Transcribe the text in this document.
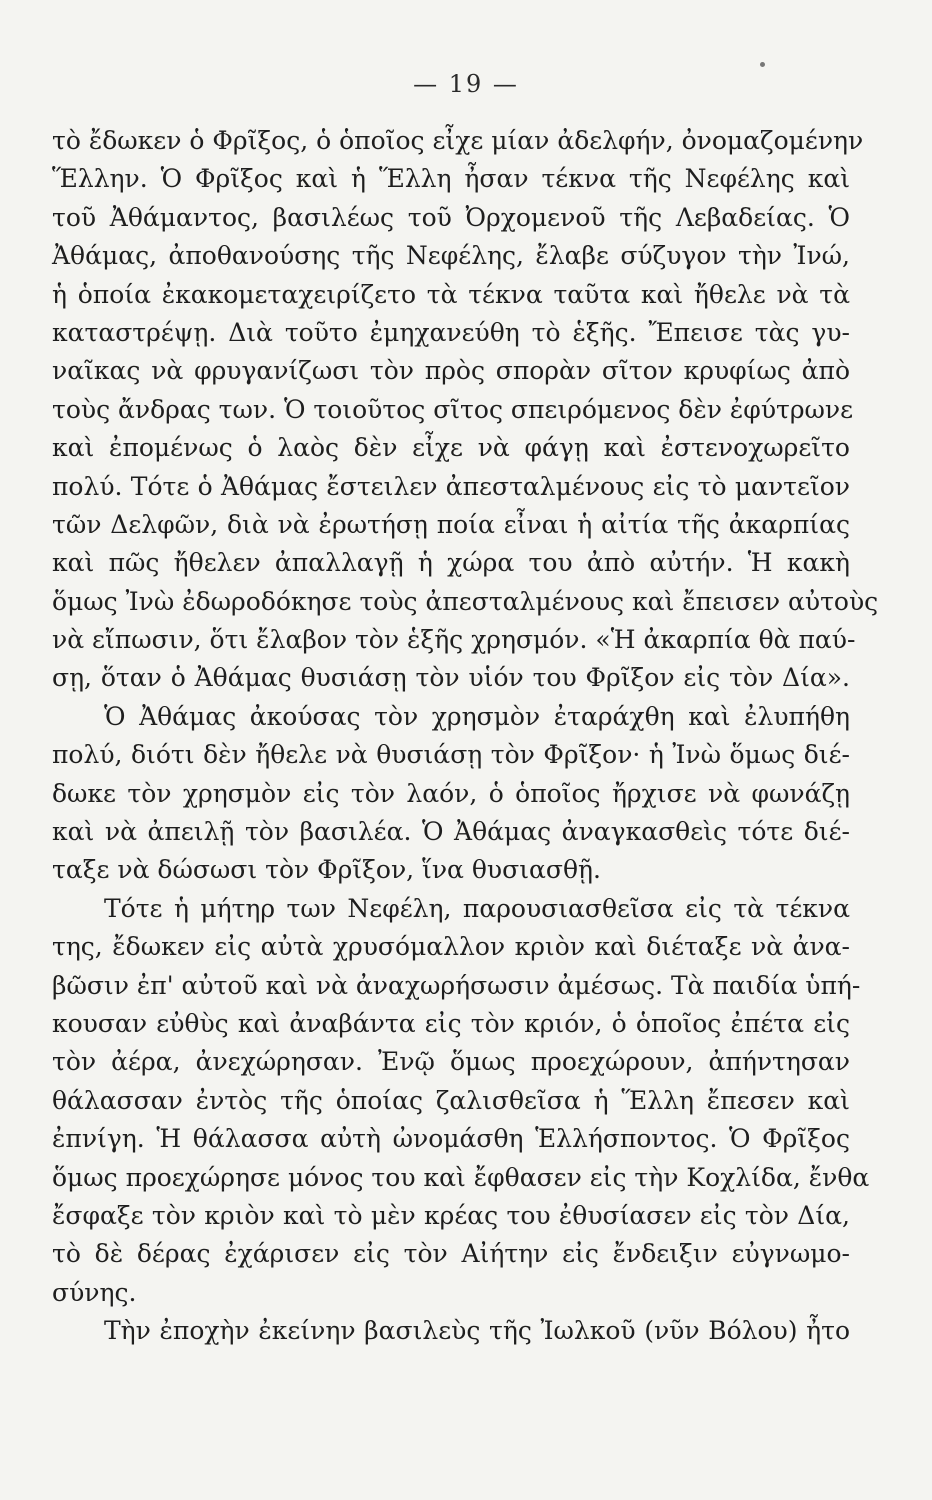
— 19 —
τὸ ἔδωκεν ὁ Φρῖξος, ὁ ὁποῖος εἶχε μίαν ἀδελφήν, ὀνομαζομένην
Ἕλλην. Ὁ Φρῖξος καὶ ἡ Ἕλλη ἦσαν τέκνα τῆς Νεφέλης καὶ
τοῦ Ἀθάμαντος, βασιλέως τοῦ Ὀρχομενοῦ τῆς Λεβαδείας. Ὁ
Ἀθάμας, ἀποθανούσης τῆς Νεφέλης, ἔλαβε σύζυγον τὴν Ἰνώ,
ἡ ὁποία ἐκακομεταχειρίζετο τὰ τέκνα ταῦτα καὶ ἤθελε νὰ τὰ
καταστρέψῃ. Διὰ τοῦτο ἐμηχανεύθη τὸ ἑξῆς. Ἔπεισε τὰς γυ-
ναῖκας νὰ φρυγανίζωσι τὸν πρὸς σπορὰν σῖτον κρυφίως ἀπὸ
τοὺς ἄνδρας των. Ὁ τοιοῦτος σῖτος σπειρόμενος δὲν ἐφύτρωνε
καὶ ἐπομένως ὁ λαὸς δὲν εἶχε νὰ φάγῃ καὶ ἐστενοχωρεῖτο
πολύ. Τότε ὁ Ἀθάμας ἔστειλεν ἀπεσταλμένους εἰς τὸ μαντεῖον
τῶν Δελφῶν, διὰ νὰ ἐρωτήσῃ ποία εἶναι ἡ αἰτία τῆς ἀκαρπίας
καὶ πῶς ἤθελεν ἀπαλλαγῇ ἡ χώρα του ἀπὸ αὐτήν. Ἡ κακὴ
ὅμως Ἰνὼ ἐδωροδόκησε τοὺς ἀπεσταλμένους καὶ ἔπεισεν αὐτοὺς
νὰ εἴπωσιν, ὅτι ἔλαβον τὸν ἑξῆς χρησμόν. «Ἡ ἀκαρπία θὰ παύ-
σῃ, ὅταν ὁ Ἀθάμας θυσιάσῃ τὸν υἱόν του Φρῖξον εἰς τὸν Δία».
Ὁ Ἀθάμας ἀκούσας τὸν χρησμὸν ἐταράχθη καὶ ἐλυπήθη
πολύ, διότι δὲν ἤθελε νὰ θυσιάσῃ τὸν Φρῖξον· ἡ Ἰνὼ ὅμως διέ-
δωκε τὸν χρησμὸν εἰς τὸν λαόν, ὁ ὁποῖος ἤρχισε νὰ φωνάζῃ
καὶ νὰ ἀπειλῇ τὸν βασιλέα. Ὁ Ἀθάμας ἀναγκασθεὶς τότε διέ-
ταξε νὰ δώσωσι τὸν Φρῖξον, ἵνα θυσιασθῇ.
Τότε ἡ μήτηρ των Νεφέλη, παρουσιασθεῖσα εἰς τὰ τέκνα
της, ἔδωκεν εἰς αὐτὰ χρυσόμαλλον κριὸν καὶ διέταξε νὰ ἀνα-
βῶσιν ἐπ' αὐτοῦ καὶ νὰ ἀναχωρήσωσιν ἀμέσως. Τὰ παιδία ὑπή-
κουσαν εὐθὺς καὶ ἀναβάντα εἰς τὸν κριόν, ὁ ὁποῖος ἐπέτα εἰς
τὸν ἀέρα, ἀνεχώρησαν. Ἐνῷ ὅμως προεχώρουν, ἀπήντησαν
θάλασσαν ἐντὸς τῆς ὁποίας ζαλισθεῖσα ἡ Ἕλλη ἔπεσεν καὶ
ἐπνίγη. Ἡ θάλασσα αὐτὴ ὠνομάσθη Ἑλλήσποντος. Ὁ Φρῖξος
ὅμως προεχώρησε μόνος του καὶ ἔφθασεν εἰς τὴν Κοχλίδα, ἔνθα
ἔσφαξε τὸν κριὸν καὶ τὸ μὲν κρέας του ἐθυσίασεν εἰς τὸν Δία,
τὸ δὲ δέρας ἐχάρισεν εἰς τὸν Αἰήτην εἰς ἔνδειξιν εὐγνωμο-
σύνης.
Τὴν ἐποχὴν ἐκείνην βασιλεὺς τῆς Ἰωλκοῦ (νῦν Βόλου) ἦτο
